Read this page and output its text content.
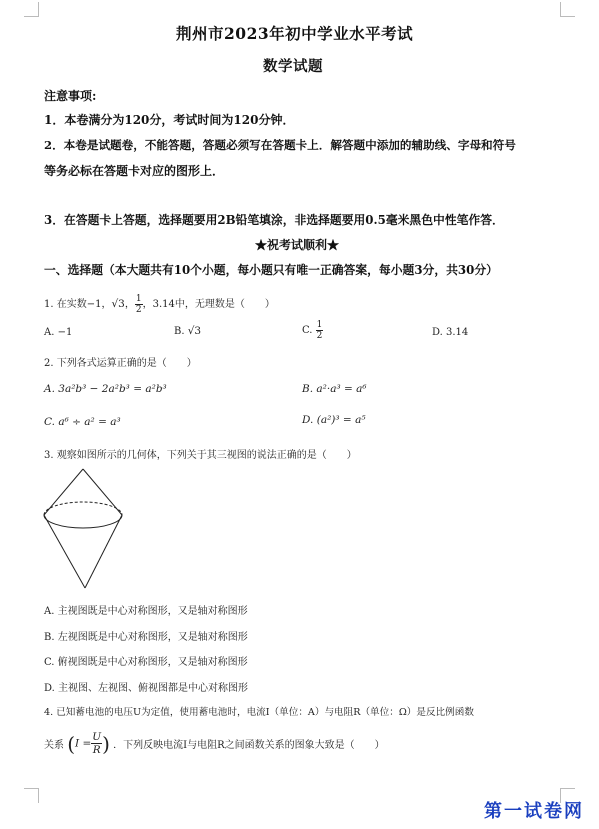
荆州市2023年初中学业水平考试
数学试题
注意事项:
1．本卷满分为120分，考试时间为120分钟．
2．本卷是试题卷，不能答题，答题必须写在答题卡上．解答题中添加的辅助线、字母和符号
等务必标在答题卡对应的图形上．
3．在答题卡上答题，选择题要用2B铅笔填涂，非选择题要用0.5毫米黑色中性笔作答．
★祝考试顺利★
一、选择题（本大题共有10个小题，每小题只有唯一正确答案，每小题3分，共30分）
1. 在实数−1，√3， $\frac{1}{2}$ ，3.14中，无理数是（　　）
A. −1	B. √3	C. $\frac{1}{2}$	D. 3.14
2. 下列各式运算正确的是（　　）
A. 3a²b³ − 2a²b³ = a²b³	B. a²·a³ = a⁶
C. a⁶ ÷ a² = a³	D. (a²)³ = a⁵
3. 观察如图所示的几何体，下列关于其三视图的说法正确的是（　　）
A. 主视图既是中心对称图形，又是轴对称图形
B. 左视图既是中心对称图形，又是轴对称图形
C. 俯视图既是中心对称图形，又是轴对称图形
D. 主视图、左视图、俯视图都是中心对称图形
4. 已知蓄电池的电压U为定值，使用蓄电池时，电流I（单位：A）与电阻R（单位：Ω）是反比例函数
关系 ($I = \frac{U}{R}$ ) ．下列反映电流I与电阻R之间函数关系的图象大致是（　　）
第一试卷网
